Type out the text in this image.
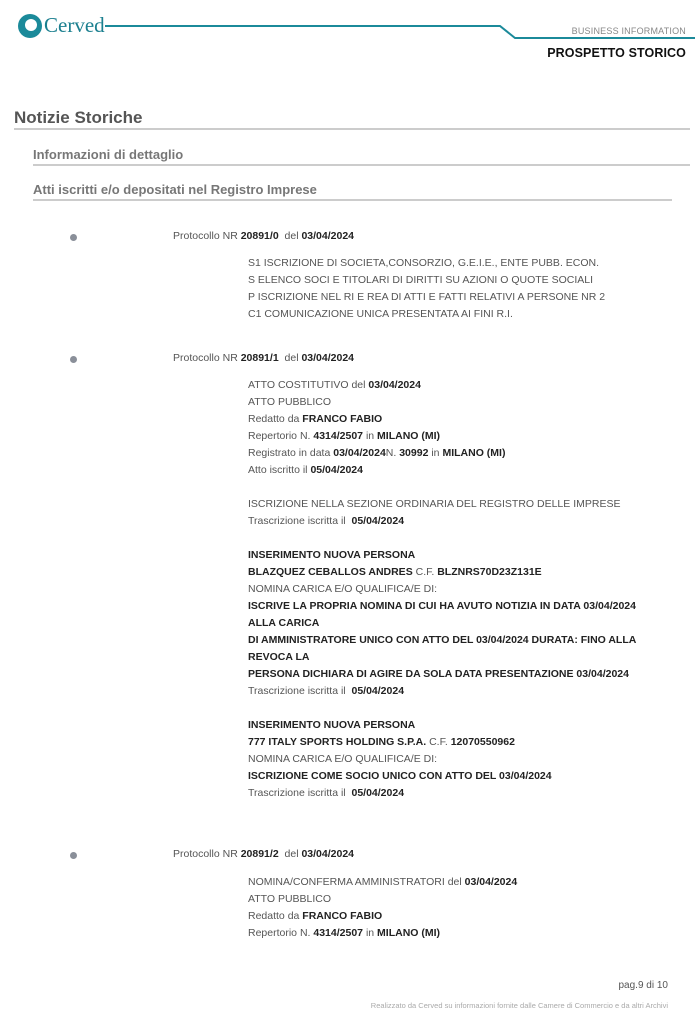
Cerved	BUSINESS INFORMATION
PROSPETTO STORICO
Notizie Storiche
Informazioni di dettaglio
Atti iscritti e/o depositati nel Registro Imprese
Protocollo NR 20891/0 del 03/04/2024
S1 ISCRIZIONE DI SOCIETA,CONSORZIO, G.E.I.E., ENTE PUBB. ECON.
S ELENCO SOCI E TITOLARI DI DIRITTI SU AZIONI O QUOTE SOCIALI
P ISCRIZIONE NEL RI E REA DI ATTI E FATTI RELATIVI A PERSONE NR 2
C1 COMUNICAZIONE UNICA PRESENTATA AI FINI R.I.
Protocollo NR 20891/1 del 03/04/2024
ATTO COSTITUTIVO del 03/04/2024
ATTO PUBBLICO
Redatto da FRANCO FABIO
Repertorio N. 4314/2507 in MILANO (MI)
Registrato in data 03/04/2024N. 30992 in MILANO (MI)
Atto iscritto il 05/04/2024
ISCRIZIONE NELLA SEZIONE ORDINARIA DEL REGISTRO DELLE IMPRESE
Trascrizione iscritta il 05/04/2024
INSERIMENTO NUOVA PERSONA
BLAZQUEZ CEBALLOS ANDRES C.F. BLZNRS70D23Z131E
NOMINA CARICA E/O QUALIFICA/E DI:
ISCRIVE LA PROPRIA NOMINA DI CUI HA AVUTO NOTIZIA IN DATA 03/04/2024
ALLA CARICA
DI AMMINISTRATORE UNICO CON ATTO DEL 03/04/2024 DURATA: FINO ALLA
REVOCA LA
PERSONA DICHIARA DI AGIRE DA SOLA DATA PRESENTAZIONE 03/04/2024
Trascrizione iscritta il 05/04/2024
INSERIMENTO NUOVA PERSONA
777 ITALY SPORTS HOLDING S.P.A. C.F. 12070550962
NOMINA CARICA E/O QUALIFICA/E DI:
ISCRIZIONE COME SOCIO UNICO CON ATTO DEL 03/04/2024
Trascrizione iscritta il 05/04/2024
Protocollo NR 20891/2 del 03/04/2024
NOMINA/CONFERMA AMMINISTRATORI del 03/04/2024
ATTO PUBBLICO
Redatto da FRANCO FABIO
Repertorio N. 4314/2507 in MILANO (MI)
pag.9 di 10
Realizzato da Cerved su informazioni fornite dalle Camere di Commercio e da altri Archivi
